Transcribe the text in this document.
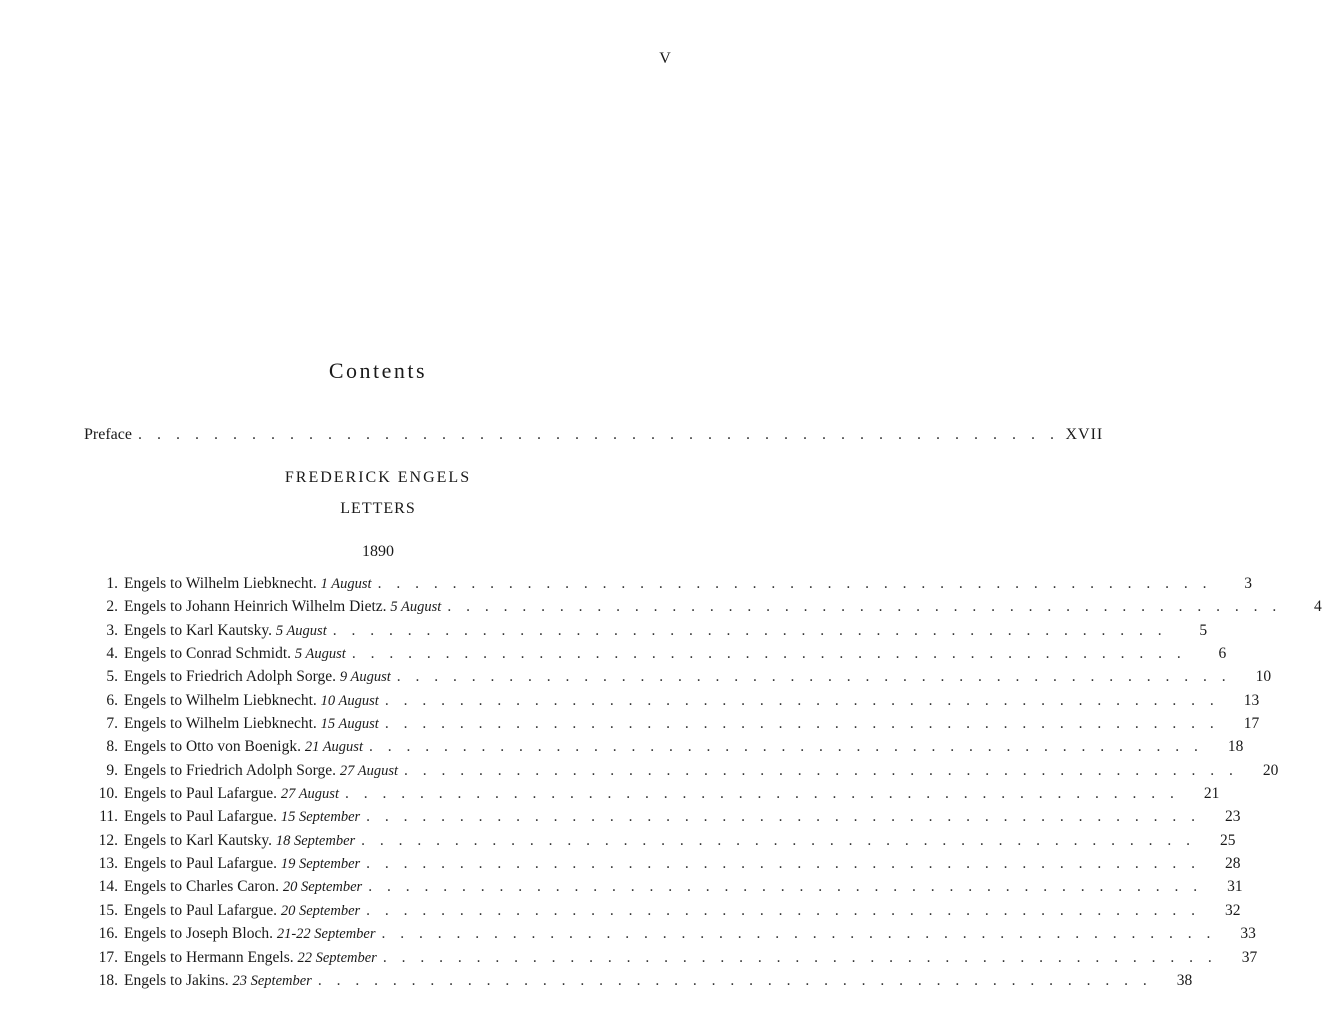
V
Contents
Preface . . . . . . . . . . . . . . . . . . . . . . . . . . . . . . . . . . . . . . . . . . . . . . . . . XVII
FREDERICK ENGELS
LETTERS
1890
1. Engels to Wilhelm Liebknecht. 1 August . . . . . . . . . . . . . . . . . . . . . . . . . . . . . . . . . . . . . . . . . . . . .	3
2. Engels to Johann Heinrich Wilhelm Dietz. 5 August . . . . . . . . . . . . . . . . . . . . . . . . . . . . . . . . . . . . . . . . . . . . .	4
3. Engels to Karl Kautsky. 5 August . . . . . . . . . . . . . . . . . . . . . . . . . . . . . . . . . . . . . . . . . . . . .	5
4. Engels to Conrad Schmidt. 5 August . . . . . . . . . . . . . . . . . . . . . . . . . . . . . . . . . . . . . . . . . . . . .	6
5. Engels to Friedrich Adolph Sorge. 9 August . . . . . . . . . . . . . . . . . . . . . . . . . . . . . . . . . . . . . . . . . . . . .	10
6. Engels to Wilhelm Liebknecht. 10 August . . . . . . . . . . . . . . . . . . . . . . . . . . . . . . . . . . . . . . . . . . . . .	13
7. Engels to Wilhelm Liebknecht. 15 August . . . . . . . . . . . . . . . . . . . . . . . . . . . . . . . . . . . . . . . . . . . . .	17
8. Engels to Otto von Boenigk. 21 August . . . . . . . . . . . . . . . . . . . . . . . . . . . . . . . . . . . . . . . . . . . . .	18
9. Engels to Friedrich Adolph Sorge. 27 August . . . . . . . . . . . . . . . . . . . . . . . . . . . . . . . . . . . . . . . . . . . . .	20
10. Engels to Paul Lafargue. 27 August . . . . . . . . . . . . . . . . . . . . . . . . . . . . . . . . . . . . . . . . . . . . .	21
11. Engels to Paul Lafargue. 15 September . . . . . . . . . . . . . . . . . . . . . . . . . . . . . . . . . . . . . . . . . . . . .	23
12. Engels to Karl Kautsky. 18 September . . . . . . . . . . . . . . . . . . . . . . . . . . . . . . . . . . . . . . . . . . . . .	25
13. Engels to Paul Lafargue. 19 September . . . . . . . . . . . . . . . . . . . . . . . . . . . . . . . . . . . . . . . . . . . . .	28
14. Engels to Charles Caron. 20 September . . . . . . . . . . . . . . . . . . . . . . . . . . . . . . . . . . . . . . . . . . . . .	31
15. Engels to Paul Lafargue. 20 September . . . . . . . . . . . . . . . . . . . . . . . . . . . . . . . . . . . . . . . . . . . . .	32
16. Engels to Joseph Bloch. 21-22 September . . . . . . . . . . . . . . . . . . . . . . . . . . . . . . . . . . . . . . . . . . . . .	33
17. Engels to Hermann Engels. 22 September . . . . . . . . . . . . . . . . . . . . . . . . . . . . . . . . . . . . . . . . . . . . .	37
18. Engels to Jakins. 23 September . . . . . . . . . . . . . . . . . . . . . . . . . . . . . . . . . . . . . . . . . . . . .	38
